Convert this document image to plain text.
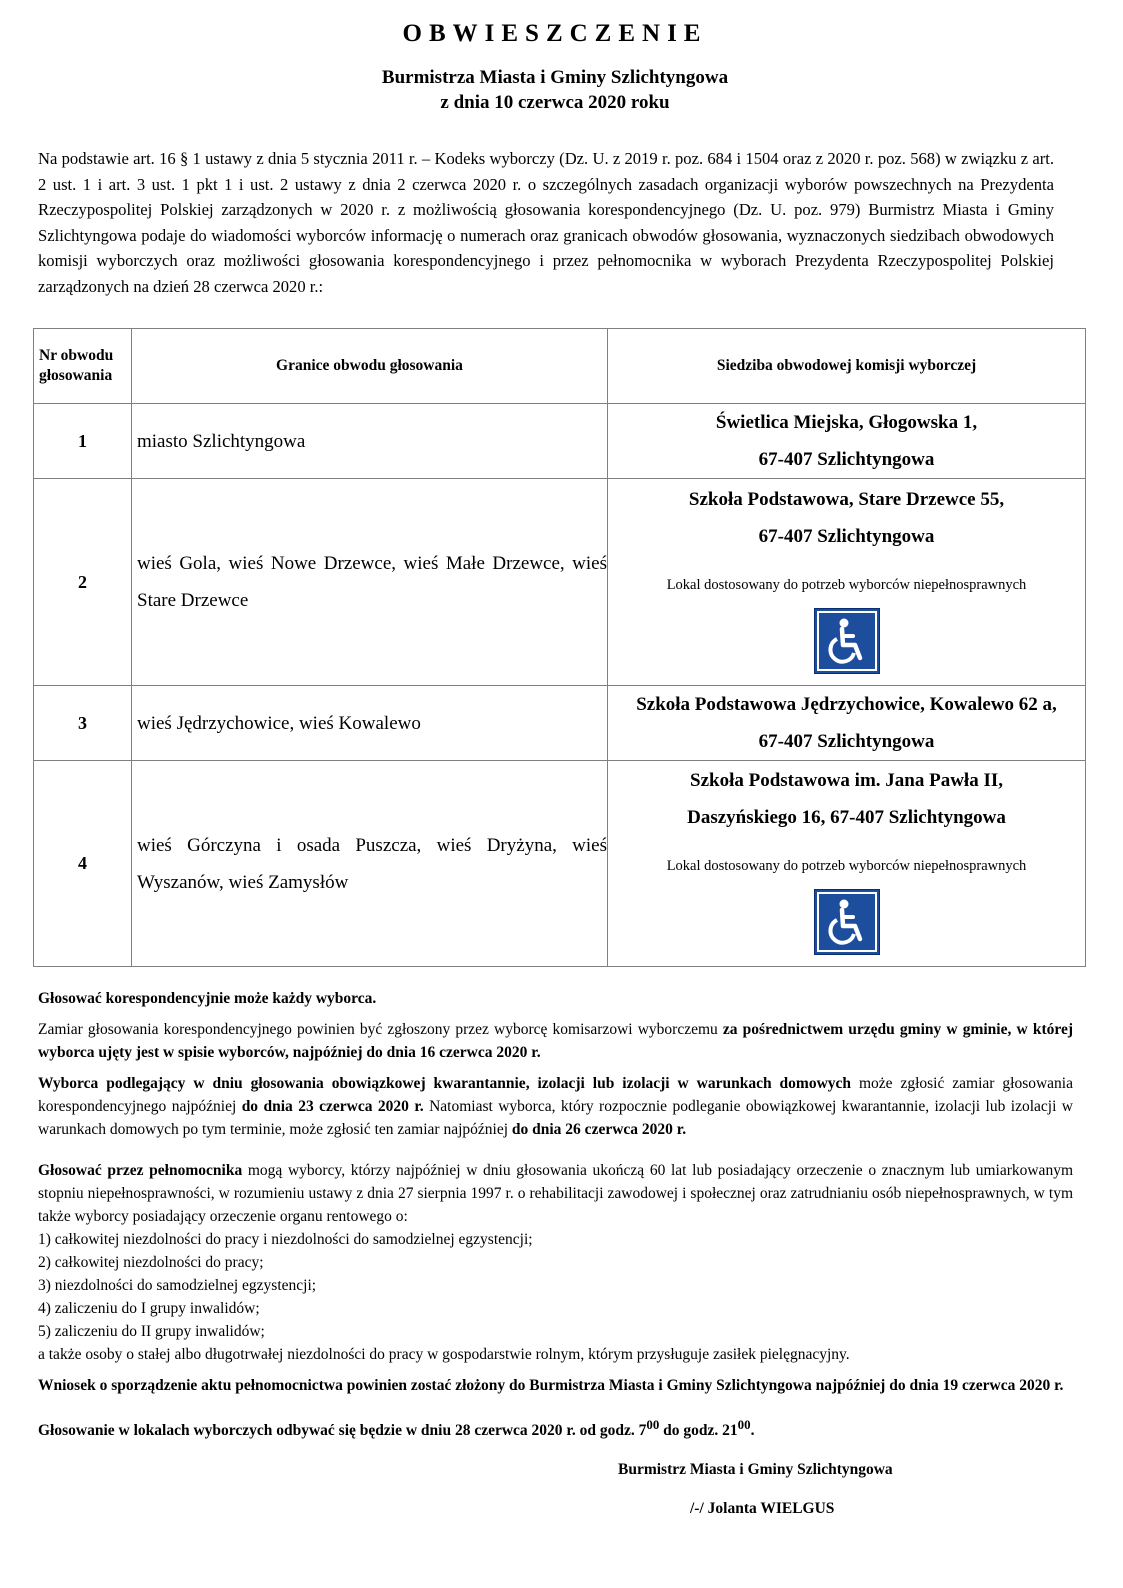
OBWIESZCZENIE
Burmistrza Miasta i Gminy Szlichtyngowa
z dnia 10 czerwca 2020 roku
Na podstawie art. 16 § 1 ustawy z dnia 5 stycznia 2011 r. – Kodeks wyborczy (Dz. U. z 2019 r. poz. 684 i 1504 oraz z 2020 r. poz. 568) w związku z art. 2 ust. 1 i art. 3 ust. 1 pkt 1 i ust. 2 ustawy z dnia 2 czerwca 2020 r. o szczególnych zasadach organizacji wyborów powszechnych na Prezydenta Rzeczypospolitej Polskiej zarządzonych w 2020 r. z możliwością głosowania korespondencyjnego (Dz. U. poz. 979) Burmistrz Miasta i Gminy Szlichtyngowa podaje do wiadomości wyborców informację o numerach oraz granicach obwodów głosowania, wyznaczonych siedzibach obwodowych komisji wyborczych oraz możliwości głosowania korespondencyjnego i przez pełnomocnika w wyborach Prezydenta Rzeczypospolitej Polskiej zarządzonych na dzień 28 czerwca 2020 r.:
Nr obwodu
głosowania	Granice obwodu głosowania	Siedziba obwodowej komisji wyborczej
1	miasto Szlichtyngowa	Świetlica Miejska, Głogowska 1,
67-407 Szlichtyngowa

2	wieś Gola, wieś Nowe Drzewce, wieś Małe Drzewce, wieś Stare Drzewce	Szkoła Podstawowa, Stare Drzewce 55,
67-407 Szlichtyngowa
Lokal dostosowany do potrzeb wyborców niepełnosprawnych

3	wieś Jędrzychowice, wieś Kowalewo	Szkoła Podstawowa Jędrzychowice, Kowalewo 62 a,
67-407 Szlichtyngowa

4	wieś Górczyna i osada Puszcza, wieś Dryżyna, wieś Wyszanów, wieś Zamysłów	Szkoła Podstawowa im. Jana Pawła II,
Daszyńskiego 16, 67-407 Szlichtyngowa
Lokal dostosowany do potrzeb wyborców niepełnosprawnych

Głosować korespondencyjnie może każdy wyborca.

Zamiar głosowania korespondencyjnego powinien być zgłoszony przez wyborcę komisarzowi wyborczemu za pośrednictwem urzędu gminy w gminie, w której wyborca ujęty jest w spisie wyborców, najpóźniej do dnia 16 czerwca 2020 r.

Wyborca podlegający w dniu głosowania obowiązkowej kwarantannie, izolacji lub izolacji w warunkach domowych może zgłosić zamiar głosowania korespondencyjnego najpóźniej do dnia 23 czerwca 2020 r. Natomiast wyborca, który rozpocznie podleganie obowiązkowej kwarantannie, izolacji lub izolacji w warunkach domowych po tym terminie, może zgłosić ten zamiar najpóźniej do dnia 26 czerwca 2020 r.

Głosować przez pełnomocnika mogą wyborcy, którzy najpóźniej w dniu głosowania ukończą 60 lat lub posiadający orzeczenie o znacznym lub umiarkowanym stopniu niepełnosprawności, w rozumieniu ustawy z dnia 27 sierpnia 1997 r. o rehabilitacji zawodowej i społecznej oraz zatrudnianiu osób niepełnosprawnych, w tym także wyborcy posiadający orzeczenie organu rentowego o:

1) całkowitej niezdolności do pracy i niezdolności do samodzielnej egzystencji;
2) całkowitej niezdolności do pracy;
3) niezdolności do samodzielnej egzystencji;
4) zaliczeniu do I grupy inwalidów;
5) zaliczeniu do II grupy inwalidów;

a także osoby o stałej albo długotrwałej niezdolności do pracy w gospodarstwie rolnym, którym przysługuje zasiłek pielęgnacyjny.

Wniosek o sporządzenie aktu pełnomocnictwa powinien zostać złożony do Burmistrza Miasta i Gminy Szlichtyngowa najpóźniej do dnia 19 czerwca 2020 r.

Głosowanie w lokalach wyborczych odbywać się będzie w dniu 28 czerwca 2020 r. od godz. $7^{00}$ do godz. $21^{00}$.

Burmistrz Miasta i Gminy Szlichtyngowa
/-/ Jolanta WIELGUS
